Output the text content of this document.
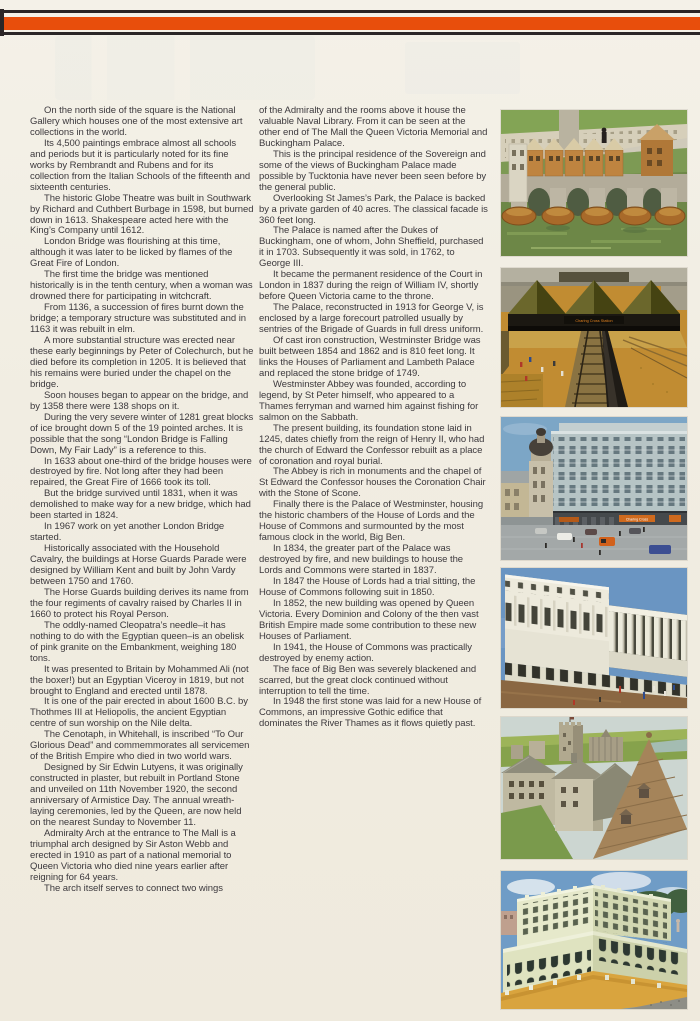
On the north side of the square is the National Gallery which houses one of the most extensive art collections in the world.

Its 4,500 paintings embrace almost all schools and periods but it is particularly noted for its fine works by Rembrandt and Rubens and for its collection from the Italian Schools of the fifteenth and sixteenth centuries.

The historic Globe Theatre was built in Southwark by Richard and Cuthbert Burbage in 1598, but burned down in 1613. Shakespeare acted here with the King’s Company until 1612.

London Bridge was flourishing at this time, although it was later to be licked by flames of the Great Fire of London.

The first time the bridge was mentioned historically is in the tenth century, when a woman was drowned there for participating in witchcraft.

From 1136, a succession of fires burnt down the bridge; a temporary structure was substituted and in 1163 it was rebuilt in elm.

A more substantial structure was erected near these early beginnings by Peter of Colechurch, but he died before its completion in 1205. It is believed that his remains were buried under the chapel on the bridge.

Soon houses began to appear on the bridge, and by 1358 there were 138 shops on it.

During the very severe winter of 1281 great blocks of ice brought down 5 of the 19 pointed arches. It is possible that the song “London Bridge is Falling Down, My Fair Lady” is a reference to this.

In 1633 about one-third of the bridge houses were destroyed by fire. Not long after they had been repaired, the Great Fire of 1666 took its toll.

But the bridge survived until 1831, when it was demolished to make way for a new bridge, which had been started in 1824.

In 1967 work on yet another London Bridge started.

Historically associated with the Household Cavalry, the buildings at Horse Guards Parade were designed by William Kent and built by John Vardy between 1750 and 1760.

The Horse Guards building derives its name from the four regiments of cavalry raised by Charles II in 1660 to protect his Royal Person.

The oddly-named Cleopatra’s needle–it has nothing to do with the Egyptian queen–is an obelisk of pink granite on the Embankment, weighing 180 tons.

It was presented to Britain by Mohammed Ali (not the boxer!) but an Egyptian Viceroy in 1819, but not brought to England and erected until 1878.

It is one of the pair erected in about 1600 B.C. by Thothmes III at Heliopolis, the ancient Egyptian centre of sun worship on the Nile delta.

The Cenotaph, in Whitehall, is inscribed “To Our Glorious Dead” and commemmorates all servicemen of the British Empire who died in two world wars.

Designed by Sir Edwin Lutyens, it was originally constructed in plaster, but rebuilt in Portland Stone and unveiled on 11th November 1920, the second anniversary of Armistice Day. The annual wreath-laying ceremonies, led by the Queen, are now held on the nearest Sunday to November 11.

Admiralty Arch at the entrance to The Mall is a triumphal arch designed by Sir Aston Webb and erected in 1910 as part of a national memorial to Queen Victoria who died nine years earlier after reigning for 64 years.

The arch itself serves to connect two wings

of the Admiralty and the rooms above it house the valuable Naval Library. From it can be seen at the other end of The Mall the Queen Victoria Memorial and Buckingham Palace.

This is the principal residence of the Sovereign and some of the views of Buckingham Palace made possible by Tucktonia have never been seen before by the general public.

Overlooking St James’s Park, the Palace is backed by a private garden of 40 acres. The classical facade is 360 feet long.

The Palace is named after the Dukes of Buckingham, one of whom, John Sheffield, purchased it in 1703. Subsequently it was sold, in 1762, to George III.

It became the permanent residence of the Court in London in 1837 during the reign of William IV, shortly before Queen Victoria came to the throne.

The Palace, reconstructed in 1913 for George V, is enclosed by a large forecourt patrolled usually by sentries of the Brigade of Guards in full dress uniform.

Of cast iron construction, Westminster Bridge was built between 1854 and 1862 and is 810 feet long. It links the Houses of Parliament and Lambeth Palace and replaced the stone bridge of 1749.

Westminster Abbey was founded, according to legend, by St Peter himself, who appeared to a Thames ferryman and warned him against fishing for salmon on the Sabbath.

The present building, its foundation stone laid in 1245, dates chiefly from the reign of Henry II, who had the church of Edward the Confessor rebuilt as a place of coronation and royal burial.

The Abbey is rich in monuments and the chapel of St Edward the Confessor houses the Coronation Chair with the Stone of Scone.

Finally there is the Palace of Westminster, housing the historic chambers of the House of Lords and the House of Commons and surmounted by the most famous clock in the world, Big Ben.

In 1834, the greater part of the Palace was destroyed by fire, and new buildings to house the Lords and Commons were started in 1837.

In 1847 the House of Lords had a trial sitting, the House of Commons following suit in 1850.

In 1852, the new building was opened by Queen Victoria. Every Dominion and Colony of the then vast British Empire made some contribution to these new Houses of Parliament.

In 1941, the House of Commons was practically destroyed by enemy action.

The face of Big Ben was severely blackened and scarred, but the great clock continued without interruption to tell the time.

In 1948 the first stone was laid for a new House of Commons, an impressive Gothic edifice that dominates the River Thames as it flows quietly past.

Charing Cross Station
Charing Cross
